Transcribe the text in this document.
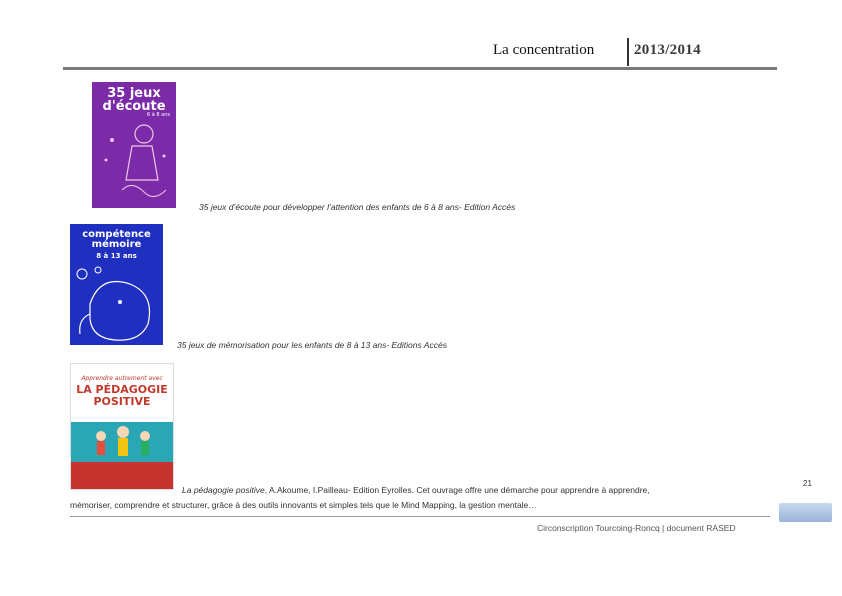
La concentration	2013/2014
35 jeux d'écoute
6 à 8 ans
35 jeux d’écoute pour développer l’attention des enfants de 6 à 8 ans- Edition Accés
compétence mémoire
8 à 13 ans
35 jeux de mémorisation pour les enfants de 8 à 13 ans- Editions Accés
Apprendre autrement avec
LA PÉDAGOGIE POSITIVE
La pédagogie positive, A.Akoume, I.Pailleau- Edition Eyrolles. Cet ouvrage offre une démarche pour apprendre à apprendre,
mémoriser, comprendre et structurer, grâce à des outils innovants et simples tels que le Mind Mapping, la gestion mentale…
Circonscription Tourcoing-Roncq | document RASED
21
